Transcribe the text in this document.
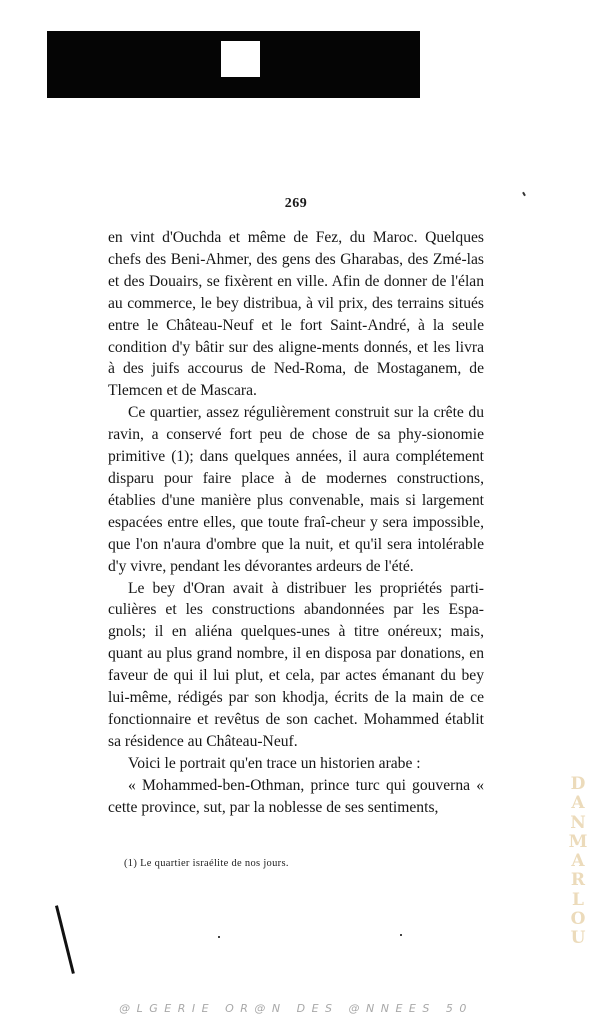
269

en vint d'Ouchda et même de Fez, du Maroc. Quelques chefs des Beni-Ahmer, des gens des Gharabas, des Zmé-las et des Douairs, se fixèrent en ville. Afin de donner de l'élan au commerce, le bey distribua, à vil prix, des terrains situés entre le Château-Neuf et le fort Saint-André, à la seule condition d'y bâtir sur des aligne-ments donnés, et les livra à des juifs accourus de Ned-Roma, de Mostaganem, de Tlemcen et de Mascara.

Ce quartier, assez régulièrement construit sur la crête du ravin, a conservé fort peu de chose de sa phy-sionomie primitive (1); dans quelques années, il aura complétement disparu pour faire place à de modernes constructions, établies d'une manière plus convenable, mais si largement espacées entre elles, que toute fraî-cheur y sera impossible, que l'on n'aura d'ombre que la nuit, et qu'il sera intolérable d'y vivre, pendant les dévorantes ardeurs de l'été.

Le bey d'Oran avait à distribuer les propriétés parti-culières et les constructions abandonnées par les Espa-gnols; il en aliéna quelques-unes à titre onéreux; mais, quant au plus grand nombre, il en disposa par donations, en faveur de qui il lui plut, et cela, par actes émanant du bey lui-même, rédigés par son khodja, écrits de la main de ce fonctionnaire et revêtus de son cachet. Mohammed établit sa résidence au Château-Neuf.

Voici le portrait qu'en trace un historien arabe :

« Mohammed-ben-Othman, prince turc qui gouverna « cette province, sut, par la noblesse de ses sentiments,

(1) Le quartier israélite de nos jours.
D
A
N
M
A
R
L
O
U
@LGERIE OR@N DES @NNEES 50
